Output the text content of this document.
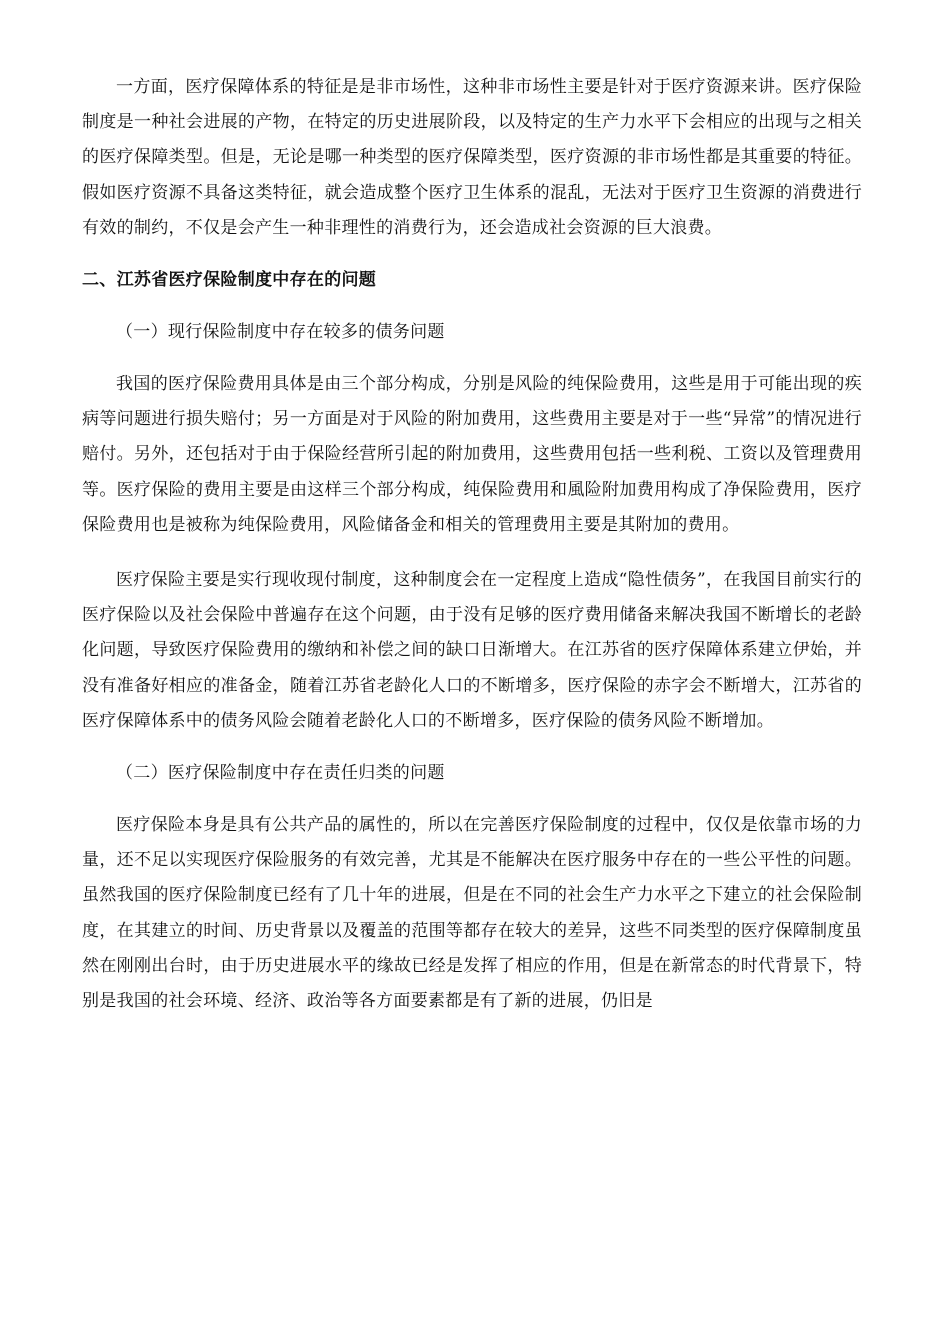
一方面，医疗保障体系的特征是是非市场性，这种非市场性主要是针对于医疗资源来讲。医疗保险制度是一种社会进展的产物，在特定的历史进展阶段，以及特定的生产力水平下会相应的出现与之相关的医疗保障类型。但是，无论是哪一种类型的医疗保障类型，医疗资源的非市场性都是其重要的特征。假如医疗资源不具备这类特征，就会造成整个医疗卫生体系的混乱，无法对于医疗卫生资源的消费进行有效的制约，不仅是会产生一种非理性的消费行为，还会造成社会资源的巨大浪费。

二、江苏省医疗保险制度中存在的问题

（一）现行保险制度中存在较多的债务问题

我国的医疗保险费用具体是由三个部分构成，分别是风险的纯保险费用，这些是用于可能出现的疾病等问题进行损失赔付；另一方面是对于风险的附加费用，这些费用主要是对于一些“异常”的情况进行赔付。另外，还包括对于由于保险经营所引起的附加费用，这些费用包括一些利税、工资以及管理费用等。医疗保险的费用主要是由这样三个部分构成，纯保险费用和風险附加费用构成了净保险费用，医疗保险费用也是被称为纯保险费用，风险储备金和相关的管理费用主要是其附加的费用。

医疗保险主要是实行现收现付制度，这种制度会在一定程度上造成“隐性债务”，在我国目前实行的医疗保险以及社会保险中普遍存在这个问题，由于没有足够的医疗费用储备来解决我国不断增长的老龄化问题，导致医疗保险费用的缴纳和补偿之间的缺口日渐增大。在江苏省的医疗保障体系建立伊始，并没有准备好相应的准备金，随着江苏省老龄化人口的不断增多，医疗保险的赤字会不断增大，江苏省的医疗保障体系中的债务风险会随着老龄化人口的不断增多，医疗保险的债务风险不断增加。

（二）医疗保险制度中存在责任归类的问题

医疗保险本身是具有公共产品的属性的，所以在完善医疗保险制度的过程中，仅仅是依靠市场的力量，还不足以实现医疗保险服务的有效完善，尤其是不能解决在医疗服务中存在的一些公平性的问题。虽然我国的医疗保险制度已经有了几十年的进展，但是在不同的社会生产力水平之下建立的社会保险制度，在其建立的时间、历史背景以及覆盖的范围等都存在较大的差异，这些不同类型的医疗保障制度虽然在刚刚出台时，由于历史进展水平的缘故已经是发挥了相应的作用，但是在新常态的时代背景下，特别是我国的社会环境、经济、政治等各方面要素都是有了新的进展，仍旧是
